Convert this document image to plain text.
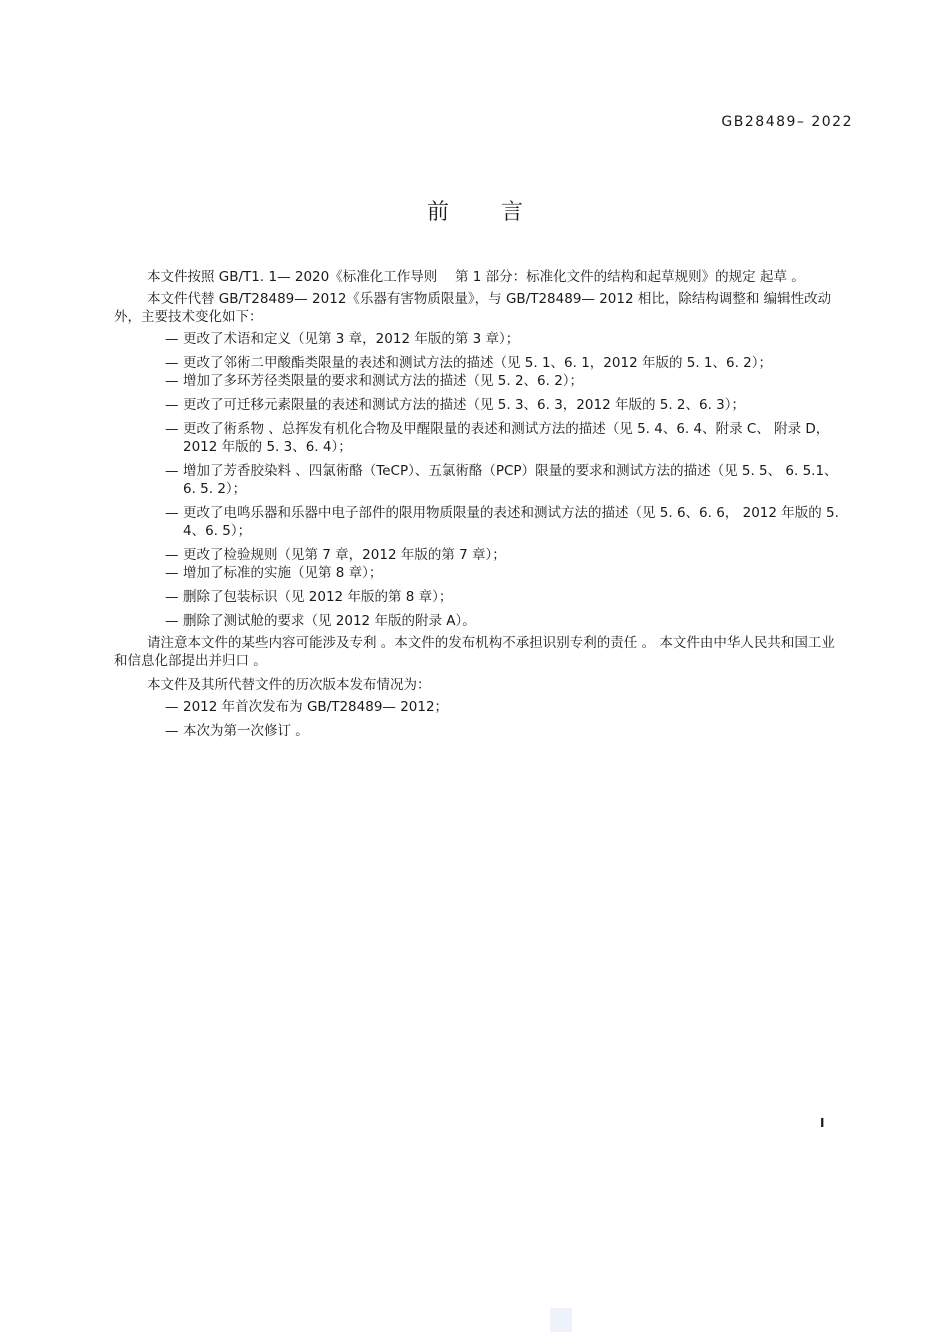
GB28489– 2022
前言

本文件按照 GB/T1. 1— 2020《标准化工作导则　 第 1 部分：标准化文件的结构和起草规则》的规定 起草 。

本文件代替 GB/T28489— 2012《乐器有害物质限量》，与 GB/T28489— 2012 相比，除结构调整和 编辑性改动外，主要技术变化如下：

— 更改了术语和定义（见第 3 章，2012 年版的第 3 章）；
— 更改了邻術二甲酸酯类限量的表述和测试方法的描述（见 5. 1、6. 1，2012 年版的 5. 1、6. 2）；
— 增加了多环芳径类限量的要求和测试方法的描述（见 5. 2、6. 2）；
— 更改了可迁移元素限量的表述和测试方法的描述（见 5. 3、6. 3，2012 年版的 5. 2、6. 3）；
— 更改了術系物 、总挥发有机化合物及甲醒限量的表述和测试方法的描述（见 5. 4、6. 4、附录 C、 附录 D，2012 年版的 5. 3、6. 4）；
— 增加了芳香胶染料 、四氯術酪（TeCP）、五氯術酪（PCP）限量的要求和测试方法的描述（见 5. 5、 6. 5.1、6. 5. 2）；
— 更改了电鸣乐器和乐器中电子部件的限用物质限量的表述和测试方法的描述（见 5. 6、6. 6， 2012 年版的 5. 4、6. 5）；
— 更改了检验规则（见第 7 章，2012 年版的第 7 章）；
— 增加了标准的实施（见第 8 章）；
— 删除了包装标识（见 2012 年版的第 8 章）；
— 删除了测试舱的要求（见 2012 年版的附录 A）。

请注意本文件的某些内容可能涉及专利 。本文件的发布机构不承担识别专利的责任 。 本文件由中华人民共和国工业和信息化部提出并归口 。

本文件及其所代替文件的历次版本发布情况为：

— 2012 年首次发布为 GB/T28489— 2012；
— 本次为第一次修订 。
I
